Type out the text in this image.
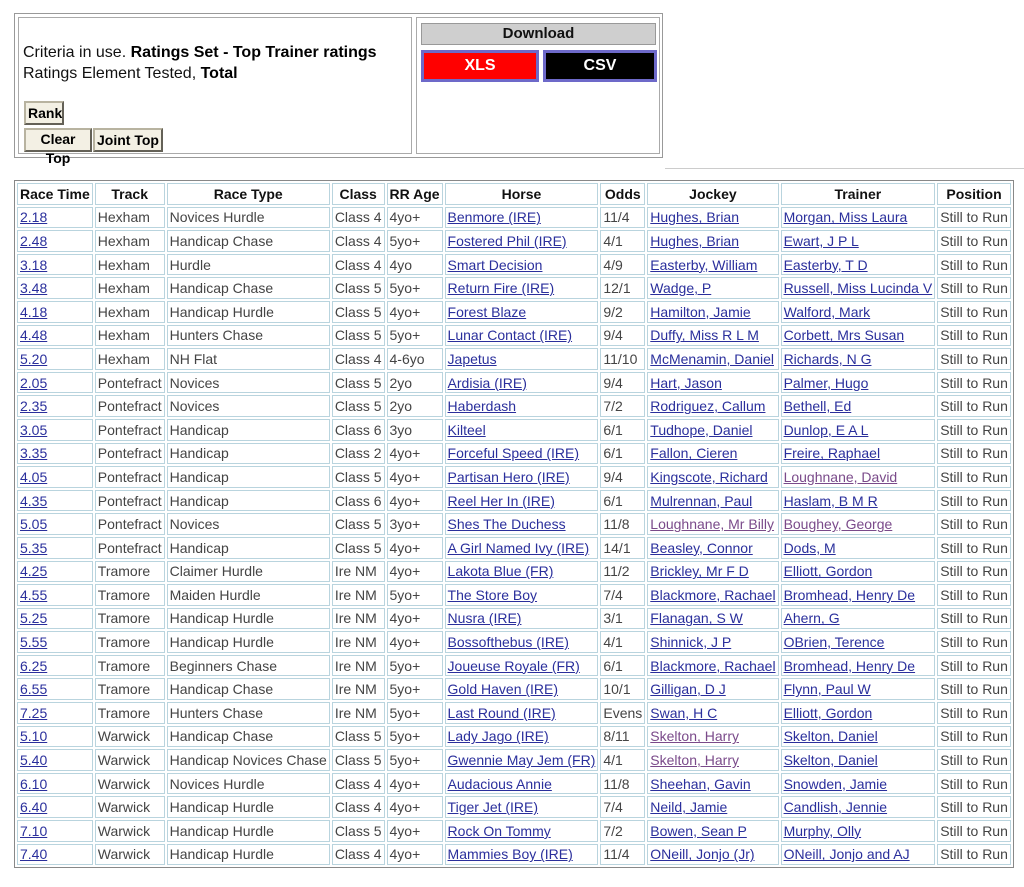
Criteria in use. Ratings Set - Top Trainer ratings
Ratings Element Tested, Total
Rank
Clear Top
Joint Top
Download
XLS	CSV
Race Time	Track	Race Type	Class	RR Age	Horse	Odds	Jockey	Trainer	Position
2.18	Hexham	Novices Hurdle	Class 4	4yo+	Benmore (IRE)	11/4	Hughes, Brian	Morgan, Miss Laura	Still to Run
2.48	Hexham	Handicap Chase	Class 4	5yo+	Fostered Phil (IRE)	4/1	Hughes, Brian	Ewart, J P L	Still to Run
3.18	Hexham	Hurdle	Class 4	4yo	Smart Decision	4/9	Easterby, William	Easterby, T D	Still to Run
3.48	Hexham	Handicap Chase	Class 5	5yo+	Return Fire (IRE)	12/1	Wadge, P	Russell, Miss Lucinda V	Still to Run
4.18	Hexham	Handicap Hurdle	Class 5	4yo+	Forest Blaze	9/2	Hamilton, Jamie	Walford, Mark	Still to Run
4.48	Hexham	Hunters Chase	Class 5	5yo+	Lunar Contact (IRE)	9/4	Duffy, Miss R L M	Corbett, Mrs Susan	Still to Run
5.20	Hexham	NH Flat	Class 4	4-6yo	Japetus	11/10	McMenamin, Daniel	Richards, N G	Still to Run
2.05	Pontefract	Novices	Class 5	2yo	Ardisia (IRE)	9/4	Hart, Jason	Palmer, Hugo	Still to Run
2.35	Pontefract	Novices	Class 5	2yo	Haberdash	7/2	Rodriguez, Callum	Bethell, Ed	Still to Run
3.05	Pontefract	Handicap	Class 6	3yo	Kilteel	6/1	Tudhope, Daniel	Dunlop, E A L	Still to Run
3.35	Pontefract	Handicap	Class 2	4yo+	Forceful Speed (IRE)	6/1	Fallon, Cieren	Freire, Raphael	Still to Run
4.05	Pontefract	Handicap	Class 5	4yo+	Partisan Hero (IRE)	9/4	Kingscote, Richard	Loughnane, David	Still to Run
4.35	Pontefract	Handicap	Class 6	4yo+	Reel Her In (IRE)	6/1	Mulrennan, Paul	Haslam, B M R	Still to Run
5.05	Pontefract	Novices	Class 5	3yo+	Shes The Duchess	11/8	Loughnane, Mr Billy	Boughey, George	Still to Run
5.35	Pontefract	Handicap	Class 5	4yo+	A Girl Named Ivy (IRE)	14/1	Beasley, Connor	Dods, M	Still to Run
4.25	Tramore	Claimer Hurdle	Ire NM	4yo+	Lakota Blue (FR)	11/2	Brickley, Mr F D	Elliott, Gordon	Still to Run
4.55	Tramore	Maiden Hurdle	Ire NM	5yo+	The Store Boy	7/4	Blackmore, Rachael	Bromhead, Henry De	Still to Run
5.25	Tramore	Handicap Hurdle	Ire NM	4yo+	Nusra (IRE)	3/1	Flanagan, S W	Ahern, G	Still to Run
5.55	Tramore	Handicap Hurdle	Ire NM	4yo+	Bossofthebus (IRE)	4/1	Shinnick, J P	OBrien, Terence	Still to Run
6.25	Tramore	Beginners Chase	Ire NM	5yo+	Joueuse Royale (FR)	6/1	Blackmore, Rachael	Bromhead, Henry De	Still to Run
6.55	Tramore	Handicap Chase	Ire NM	5yo+	Gold Haven (IRE)	10/1	Gilligan, D J	Flynn, Paul W	Still to Run
7.25	Tramore	Hunters Chase	Ire NM	5yo+	Last Round (IRE)	Evens	Swan, H C	Elliott, Gordon	Still to Run
5.10	Warwick	Handicap Chase	Class 5	5yo+	Lady Jago (IRE)	8/11	Skelton, Harry	Skelton, Daniel	Still to Run
5.40	Warwick	Handicap Novices Chase	Class 5	5yo+	Gwennie May Jem (FR)	4/1	Skelton, Harry	Skelton, Daniel	Still to Run
6.10	Warwick	Novices Hurdle	Class 4	4yo+	Audacious Annie	11/8	Sheehan, Gavin	Snowden, Jamie	Still to Run
6.40	Warwick	Handicap Hurdle	Class 4	4yo+	Tiger Jet (IRE)	7/4	Neild, Jamie	Candlish, Jennie	Still to Run
7.10	Warwick	Handicap Hurdle	Class 5	4yo+	Rock On Tommy	7/2	Bowen, Sean P	Murphy, Olly	Still to Run
7.40	Warwick	Handicap Hurdle	Class 4	4yo+	Mammies Boy (IRE)	11/4	ONeill, Jonjo (Jr)	ONeill, Jonjo and AJ	Still to Run
